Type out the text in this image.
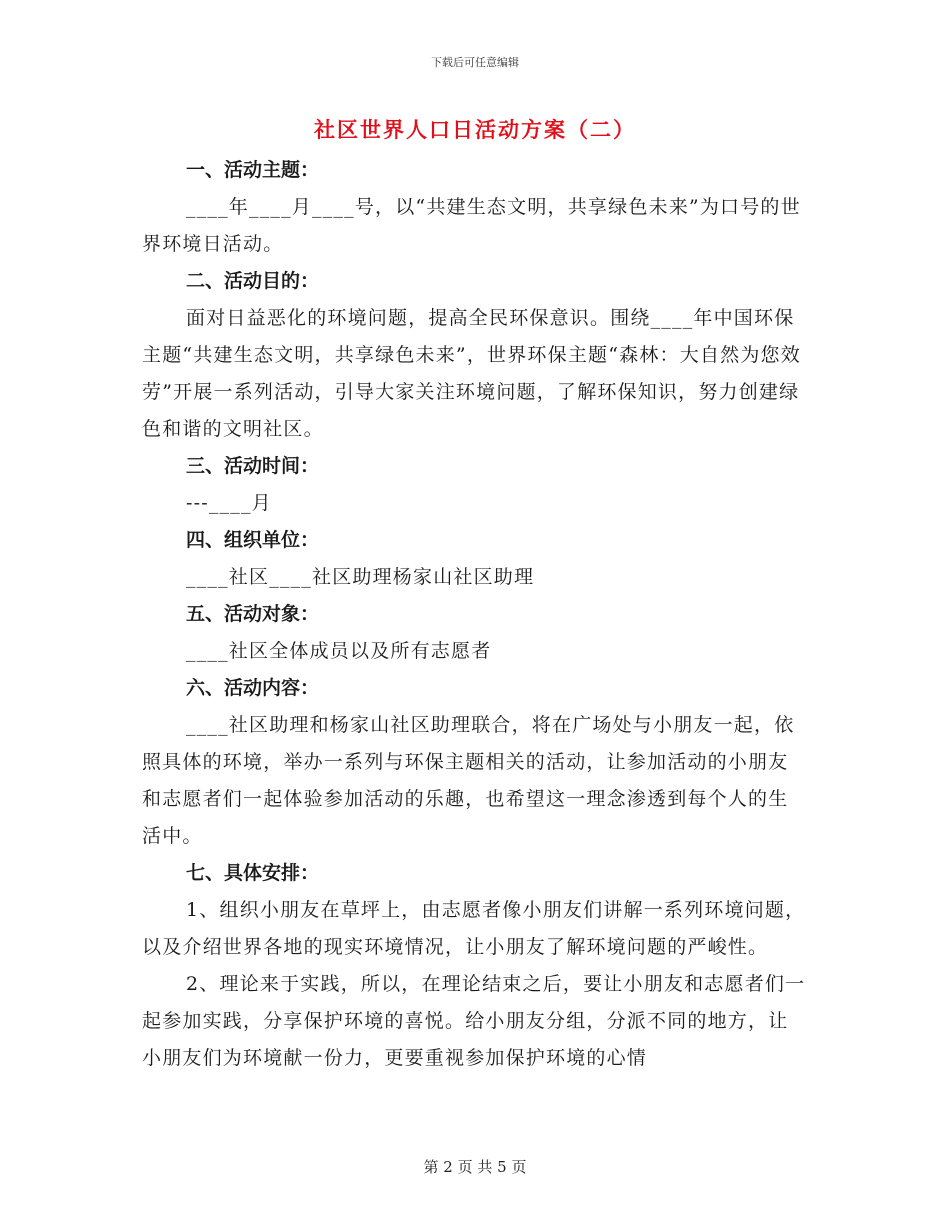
下载后可任意编辑
社区世界人口日活动方案（二）
一、活动主题：

____年____月____号，以“共建生态文明，共享绿色未来”为口号的世界环境日活动。

二、活动目的：

面对日益恶化的环境问题，提高全民环保意识。围绕____年中国环保主题“共建生态文明，共享绿色未来”，世界环保主题“森林：大自然为您效劳”开展一系列活动，引导大家关注环境问题，了解环保知识，努力创建绿色和谐的文明社区。

三、活动时间：

---____月

四、组织单位：

____社区____社区助理杨家山社区助理

五、活动对象：

____社区全体成员以及所有志愿者

六、活动内容：

____社区助理和杨家山社区助理联合，将在广场处与小朋友一起，依照具体的环境，举办一系列与环保主题相关的活动，让参加活动的小朋友和志愿者们一起体验参加活动的乐趣，也希望这一理念渗透到每个人的生活中。

七、具体安排：

1、组织小朋友在草坪上，由志愿者像小朋友们讲解一系列环境问题，以及介绍世界各地的现实环境情况，让小朋友了解环境问题的严峻性。

2、理论来于实践，所以，在理论结束之后，要让小朋友和志愿者们一起参加实践，分享保护环境的喜悦。给小朋友分组，分派不同的地方，让小朋友们为环境献一份力，更要重视参加保护环境的心情

第 2 页 共 5 页
